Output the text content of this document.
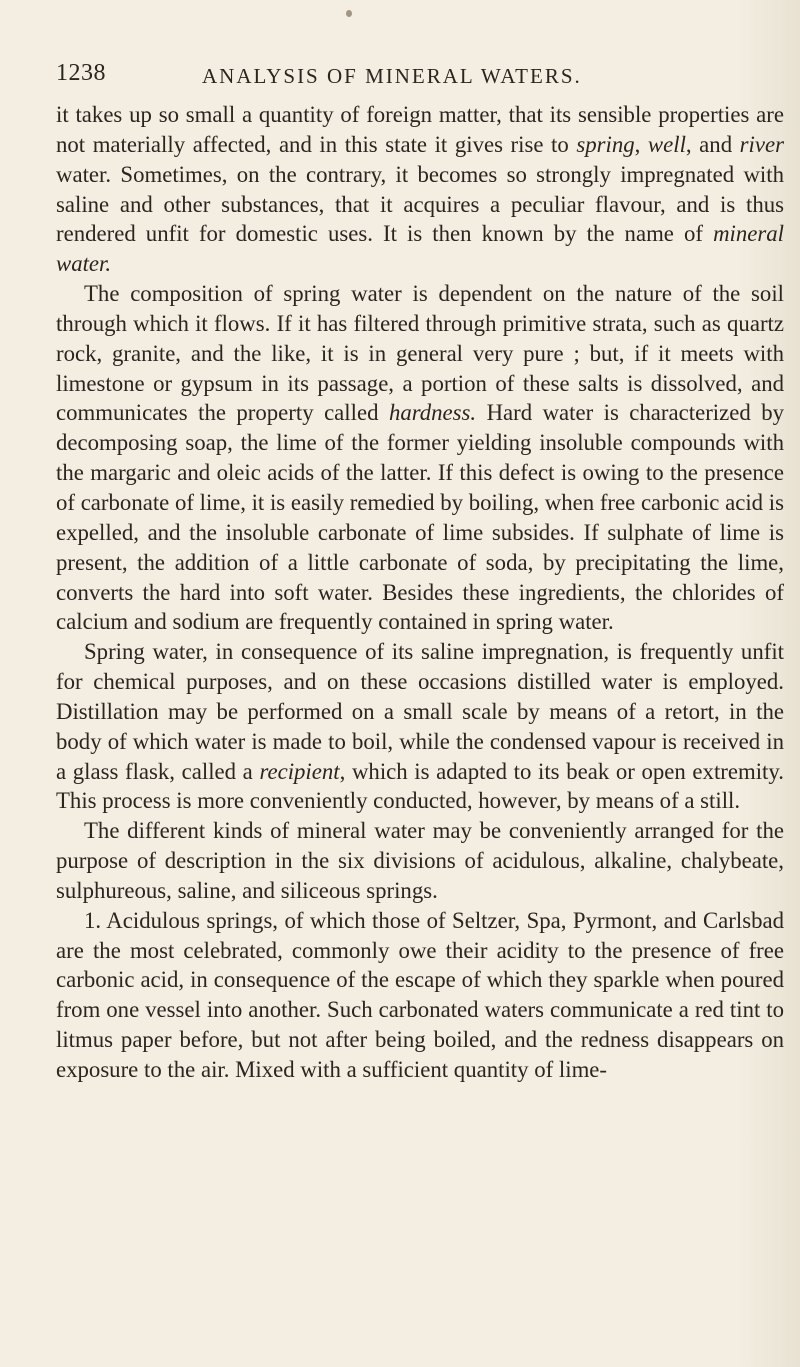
1238	ANALYSIS OF MINERAL WATERS.

it takes up so small a quantity of foreign matter, that its sensible properties are not materially affected, and in this state it gives rise to spring, well, and river water. Sometimes, on the contrary, it becomes so strongly impregnated with saline and other substances, that it acquires a peculiar flavour, and is thus rendered unfit for domestic uses. It is then known by the name of mineral water.

The composition of spring water is dependent on the nature of the soil through which it flows. If it has filtered through primitive strata, such as quartz rock, granite, and the like, it is in general very pure ; but, if it meets with limestone or gypsum in its passage, a portion of these salts is dissolved, and communicates the property called hardness. Hard water is characterized by decomposing soap, the lime of the former yielding insoluble compounds with the margaric and oleic acids of the latter. If this defect is owing to the presence of carbonate of lime, it is easily remedied by boiling, when free carbonic acid is expelled, and the insoluble carbonate of lime subsides. If sulphate of lime is present, the addition of a little carbonate of soda, by precipitating the lime, converts the hard into soft water. Besides these ingredients, the chlorides of calcium and sodium are frequently contained in spring water.

Spring water, in consequence of its saline impregnation, is frequently unfit for chemical purposes, and on these occasions distilled water is employed. Distillation may be performed on a small scale by means of a retort, in the body of which water is made to boil, while the condensed vapour is received in a glass flask, called a recipient, which is adapted to its beak or open extremity. This process is more conveniently conducted, however, by means of a still.

The different kinds of mineral water may be conveniently arranged for the purpose of description in the six divisions of acidulous, alkaline, chalybeate, sulphureous, saline, and siliceous springs.

1. Acidulous springs, of which those of Seltzer, Spa, Pyrmont, and Carlsbad are the most celebrated, commonly owe their acidity to the presence of free carbonic acid, in consequence of the escape of which they sparkle when poured from one vessel into another. Such carbonated waters communicate a red tint to litmus paper before, but not after being boiled, and the redness disappears on exposure to the air. Mixed with a sufficient quantity of lime-
